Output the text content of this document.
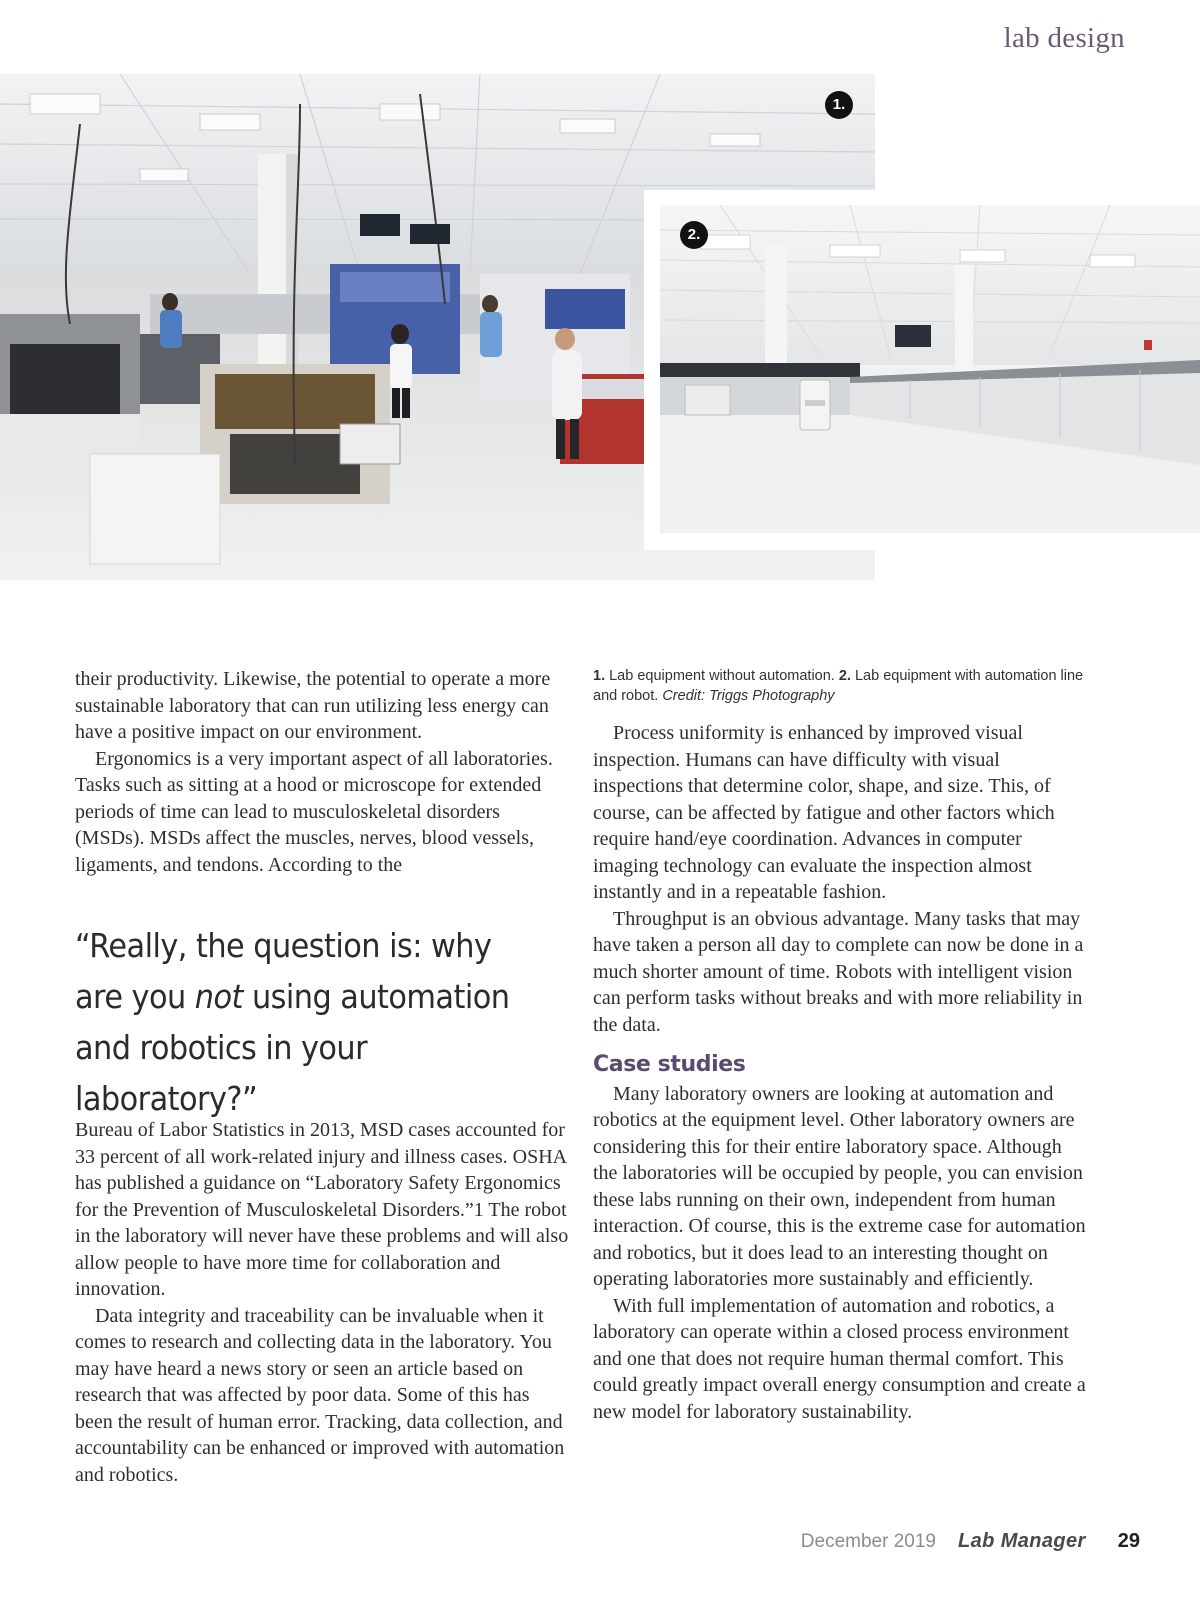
lab design
1.
2.
1. Lab equipment without automation. 2. Lab equipment with automation line and robot. Credit: Triggs Photography

their productivity. Likewise, the potential to operate a more sustainable laboratory that can run utilizing less energy can have a positive impact on our environment.

Ergonomics is a very important aspect of all laboratories. Tasks such as sitting at a hood or microscope for extended periods of time can lead to musculoskeletal disorders (MSDs). MSDs affect the muscles, nerves, blood vessels, ligaments, and tendons. According to the

“Really, the question is: why are you not using automation and robotics in your laboratory?”

Bureau of Labor Statistics in 2013, MSD cases accounted for 33 percent of all work-related injury and illness cases. OSHA has published a guidance on “Laboratory Safety Ergonomics for the Prevention of Musculoskeletal Disorders.”1 The robot in the laboratory will never have these problems and will also allow people to have more time for collaboration and innovation.

Data integrity and traceability can be invaluable when it comes to research and collecting data in the laboratory. You may have heard a news story or seen an article based on research that was affected by poor data. Some of this has been the result of human error. Tracking, data collection, and accountability can be enhanced or improved with automation and robotics.

Process uniformity is enhanced by improved visual inspection. Humans can have difficulty with visual inspections that determine color, shape, and size. This, of course, can be affected by fatigue and other factors which require hand/eye coordination. Advances in computer imaging technology can evaluate the inspection almost instantly and in a repeatable fashion.

Throughput is an obvious advantage. Many tasks that may have taken a person all day to complete can now be done in a much shorter amount of time. Robots with intelligent vision can perform tasks without breaks and with more reliability in the data.

Case studies

Many laboratory owners are looking at automation and robotics at the equipment level. Other laboratory owners are considering this for their entire laboratory space. Although the laboratories will be occupied by people, you can envision these labs running on their own, independent from human interaction. Of course, this is the extreme case for automation and robotics, but it does lead to an interesting thought on operating laboratories more sustainably and efficiently.

With full implementation of automation and robotics, a laboratory can operate within a closed process environment and one that does not require human thermal comfort. This could greatly impact overall energy consumption and create a new model for laboratory sustainability.

December 2019 Lab Manager 29
